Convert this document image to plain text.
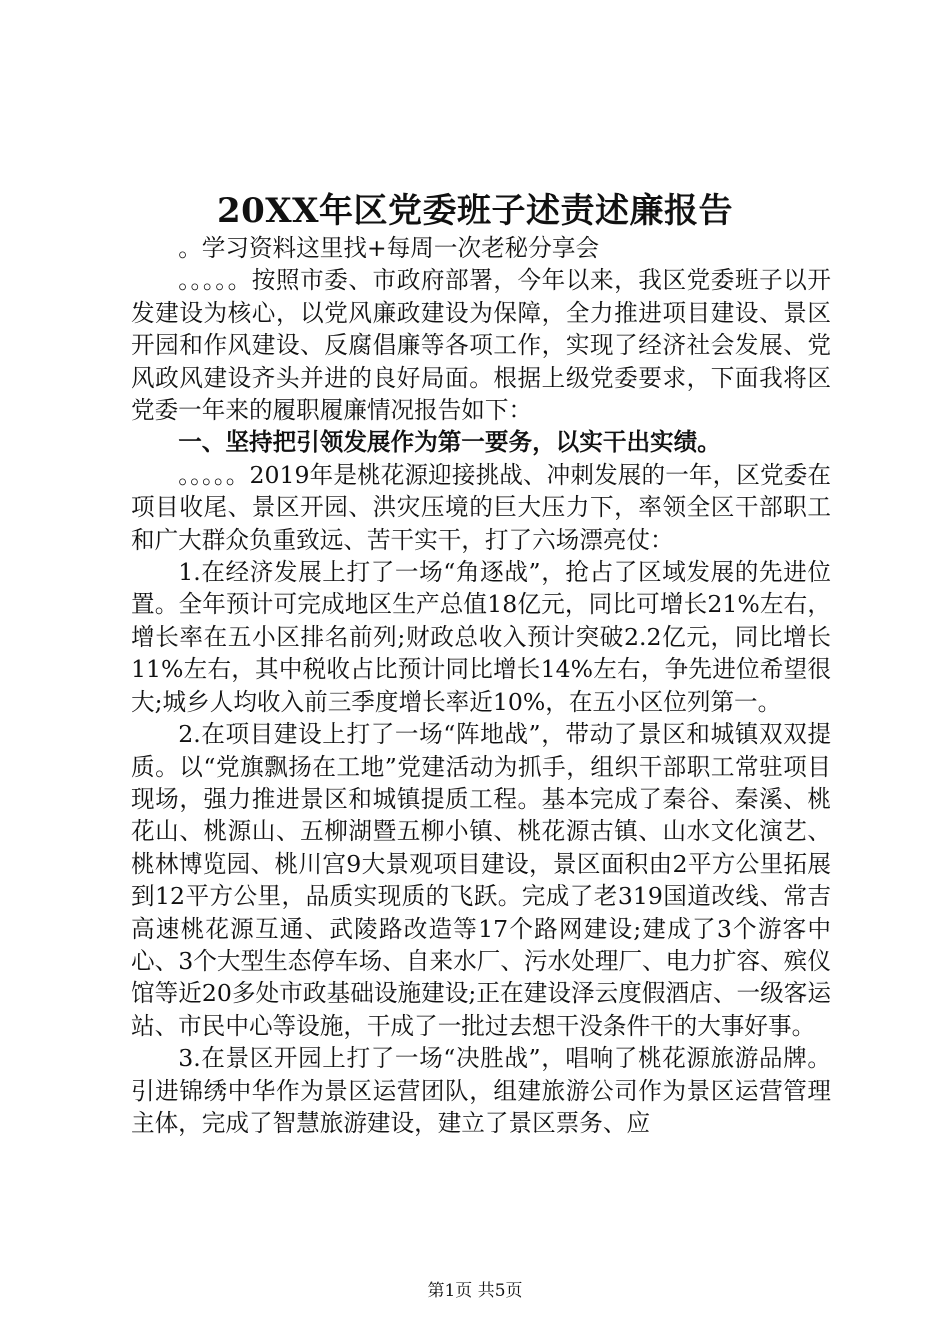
20XX年区党委班子述责述廉报告

。学习资料这里找+每周一次老秘分享会

。。。。。按照市委、市政府部署，今年以来，我区党委班子以开发建设为核心，以党风廉政建设为保障，全力推进项目建设、景区开园和作风建设、反腐倡廉等各项工作，实现了经济社会发展、党风政风建设齐头并进的良好局面。根据上级党委要求，下面我将区党委一年来的履职履廉情况报告如下：

一、坚持把引领发展作为第一要务，以实干出实绩。

。。。。。2019年是桃花源迎接挑战、冲刺发展的一年，区党委在项目收尾、景区开园、洪灾压境的巨大压力下，率领全区干部职工和广大群众负重致远、苦干实干，打了六场漂亮仗：

1.在经济发展上打了一场“角逐战”，抢占了区域发展的先进位置。全年预计可完成地区生产总值18亿元，同比可增长21%左右，增长率在五小区排名前列;财政总收入预计突破2.2亿元，同比增长11%左右，其中税收占比预计同比增长14%左右，争先进位希望很大;城乡人均收入前三季度增长率近10%，在五小区位列第一。

2.在项目建设上打了一场“阵地战”，带动了景区和城镇双双提质。以“党旗飘扬在工地”党建活动为抓手，组织干部职工常驻项目现场，强力推进景区和城镇提质工程。基本完成了秦谷、秦溪、桃花山、桃源山、五柳湖暨五柳小镇、桃花源古镇、山水文化演艺、桃林博览园、桃川宫9大景观项目建设，景区面积由2平方公里拓展到12平方公里，品质实现质的飞跃。完成了老319国道改线、常吉高速桃花源互通、武陵路改造等17个路网建设;建成了3个游客中心、3个大型生态停车场、自来水厂、污水处理厂、电力扩容、殡仪馆等近20多处市政基础设施建设;正在建设泽云度假酒店、一级客运站、市民中心等设施，干成了一批过去想干没条件干的大事好事。

3.在景区开园上打了一场“决胜战”，唱响了桃花源旅游品牌。引进锦绣中华作为景区运营团队，组建旅游公司作为景区运营管理主体，完成了智慧旅游建设，建立了景区票务、应

第1页 共5页
